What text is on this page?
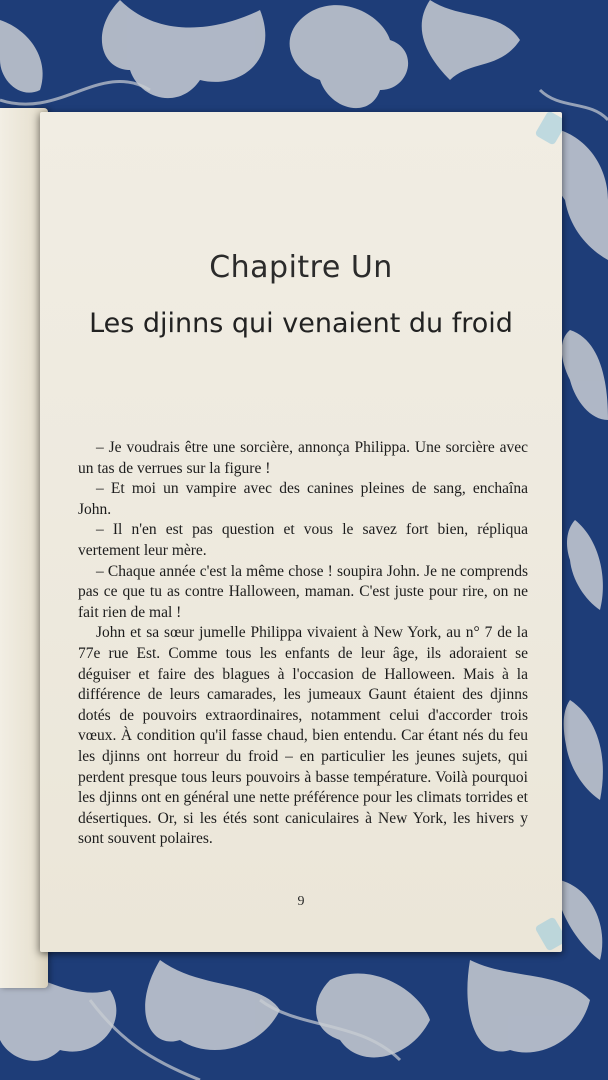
Chapitre Un
Les djinns qui venaient du froid

– Je voudrais être une sorcière, annonça Philippa. Une sorcière avec un tas de verrues sur la figure !

– Et moi un vampire avec des canines pleines de sang, enchaîna John.

– Il n'en est pas question et vous le savez fort bien, répliqua vertement leur mère.

– Chaque année c'est la même chose ! soupira John. Je ne comprends pas ce que tu as contre Halloween, maman. C'est juste pour rire, on ne fait rien de mal !

John et sa sœur jumelle Philippa vivaient à New York, au n° 7 de la 77e rue Est. Comme tous les enfants de leur âge, ils adoraient se déguiser et faire des blagues à l'occasion de Halloween. Mais à la différence de leurs camarades, les jumeaux Gaunt étaient des djinns dotés de pouvoirs extraordinaires, notamment celui d'accorder trois vœux. À condition qu'il fasse chaud, bien entendu. Car étant nés du feu les djinns ont horreur du froid – en particulier les jeunes sujets, qui perdent presque tous leurs pouvoirs à basse température. Voilà pourquoi les djinns ont en général une nette préférence pour les climats torrides et désertiques. Or, si les étés sont caniculaires à New York, les hivers y sont souvent polaires.

9
